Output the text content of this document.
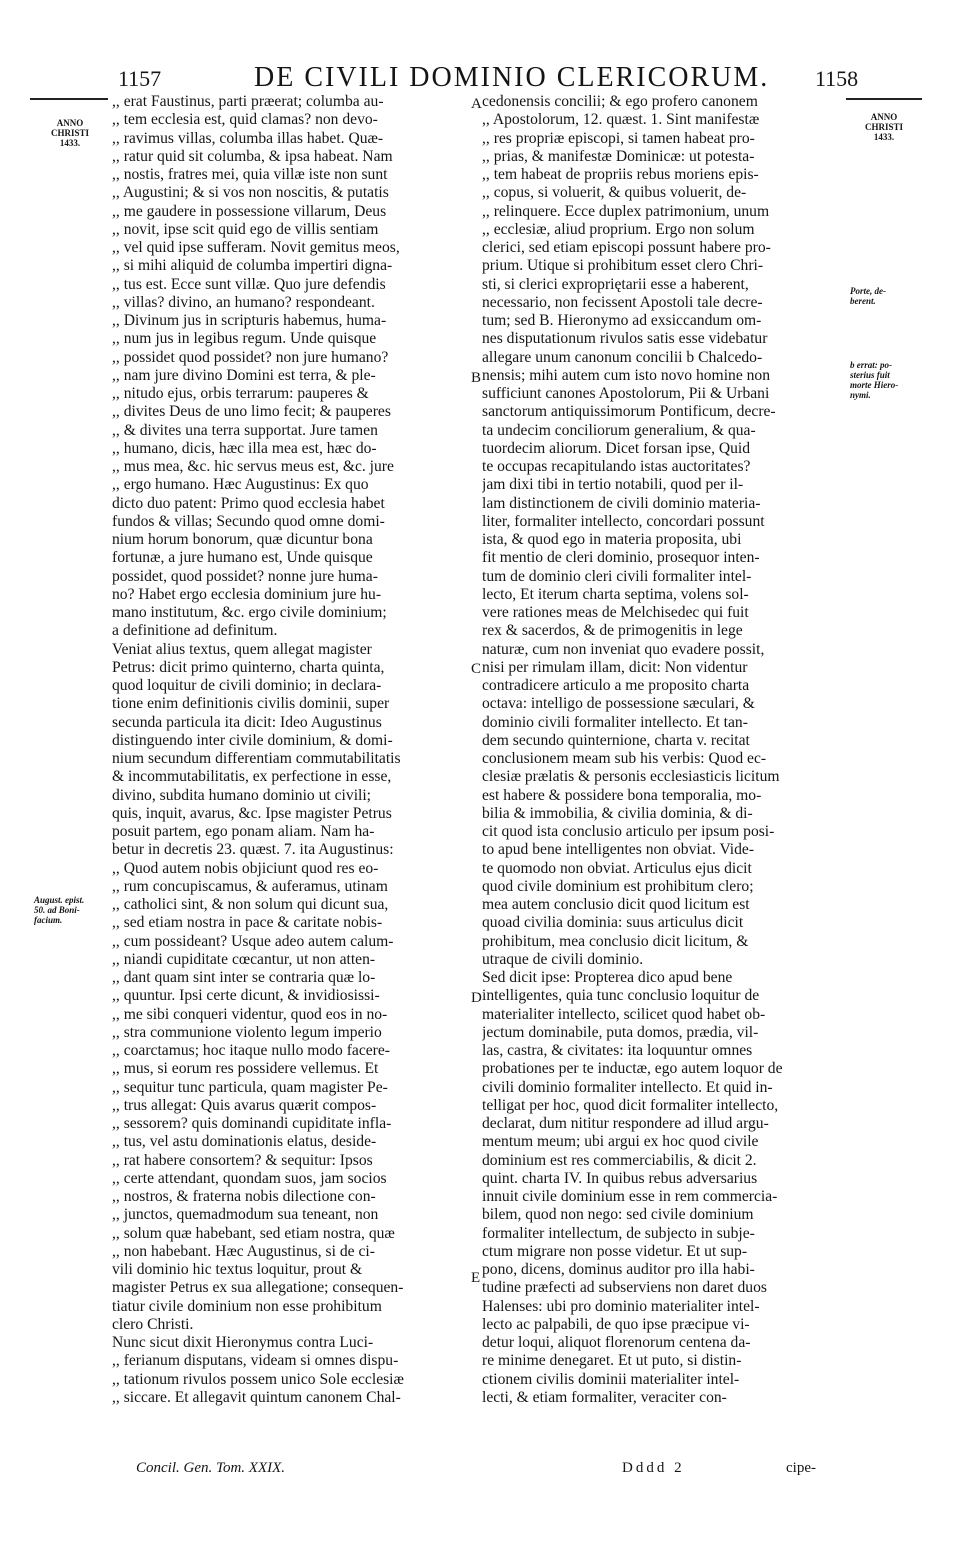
1157	DE CIVILI DOMINIO CLERICORUM. 1158
ANNO
CHRISTI
1433.
ANNO
CHRISTI
1433.
August. epist.
50. ad Boni-
facium.
Porte, de-
berent.
b errat: po-
sterius fuit
morte Hiero-
nymi.
A
B
C
D
E
,, erat Faustinus, parti præerat; columba au-
,, tem ecclesia est, quid clamas? non devo-
,, ravimus villas, columba illas habet. Quæ-
,, ratur quid sit columba, & ipsa habeat. Nam
,, nostis, fratres mei, quia villæ iste non sunt
,, Augustini; & si vos non noscitis, & putatis
,, me gaudere in possessione villarum, Deus
,, novit, ipse scit quid ego de villis sentiam
,, vel quid ipse sufferam. Novit gemitus meos,
,, si mihi aliquid de columba impertiri digna-
,, tus est. Ecce sunt villæ. Quo jure defendis
,, villas? divino, an humano? respondeant.
,, Divinum jus in scripturis habemus, huma-
,, num jus in legibus regum. Unde quisque
,, possidet quod possidet? non jure humano?
,, nam jure divino Domini est terra, & ple-
,, nitudo ejus, orbis terrarum: pauperes &
,, divites Deus de uno limo fecit; & pauperes
,, & divites una terra supportat. Jure tamen
,, humano, dicis, hæc illa mea est, hæc do-
,, mus mea, &c. hic servus meus est, &c. jure
,, ergo humano. Hæc Augustinus: Ex quo
dicto duo patent: Primo quod ecclesia habet
fundos & villas; Secundo quod omne domi-
nium horum bonorum, quæ dicuntur bona
fortunæ, a jure humano est, Unde quisque
possidet, quod possidet? nonne jure huma-
no? Habet ergo ecclesia dominium jure hu-
mano institutum, &c. ergo civile dominium;
a definitione ad definitum.
Veniat alius textus, quem allegat magister
Petrus: dicit primo quinterno, charta quinta,
quod loquitur de civili dominio; in declara-
tione enim definitionis civilis dominii, super
secunda particula ita dicit: Ideo Augustinus
distinguendo inter civile dominium, & domi-
nium secundum differentiam commutabilitatis
& incommutabilitatis, ex perfectione in esse,
divino, subdita humano dominio ut civili;
quis, inquit, avarus, &c. Ipse magister Petrus
posuit partem, ego ponam aliam. Nam ha-
betur in decretis 23. quæst. 7. ita Augustinus:
,, Quod autem nobis objiciunt quod res eo-
,, rum concupiscamus, & auferamus, utinam
,, catholici sint, & non solum qui dicunt sua,
,, sed etiam nostra in pace & caritate nobis-
,, cum possideant? Usque adeo autem calum-
,, niandi cupiditate cœcantur, ut non atten-
,, dant quam sint inter se contraria quæ lo-
,, quuntur. Ipsi certe dicunt, & invidiosissi-
,, me sibi conqueri videntur, quod eos in no-
,, stra communione violento legum imperio
,, coarctamus; hoc itaque nullo modo facere-
,, mus, si eorum res possidere vellemus. Et
,, sequitur tunc particula, quam magister Pe-
,, trus allegat: Quis avarus quærit compos-
,, sessorem? quis dominandi cupiditate infla-
,, tus, vel astu dominationis elatus, deside-
,, rat habere consortem? & sequitur: Ipsos
,, certe attendant, quondam suos, jam socios
,, nostros, & fraterna nobis dilectione con-
,, junctos, quemadmodum sua teneant, non
,, solum quæ habebant, sed etiam nostra, quæ
,, non habebant. Hæc Augustinus, si de ci-
vili dominio hic textus loquitur, prout &
magister Petrus ex sua allegatione; consequen-
tiatur civile dominium non esse prohibitum
clero Christi.
Nunc sicut dixit Hieronymus contra Luci-
,, ferianum disputans, videam si omnes dispu-
,, tationum rivulos possem unico Sole ecclesiæ
,, siccare. Et allegavit quintum canonem Chal-
cedonensis concilii; & ego profero canonem
,, Apostolorum, 12. quæst. 1. Sint manifestæ
,, res propriæ episcopi, si tamen habeat pro-
,, prias, & manifestæ Dominicæ: ut potesta-
,, tem habeat de propriis rebus moriens epis-
,, copus, si voluerit, & quibus voluerit, de-
,, relinquere. Ecce duplex patrimonium, unum
,, ecclesiæ, aliud proprium. Ergo non solum
clerici, sed etiam episcopi possunt habere pro-
prium. Utique si prohibitum esset clero Chri-
sti, si clerici expropriętarii esse a haberent,
necessario, non fecissent Apostoli tale decre-
tum; sed B. Hieronymo ad exsiccandum om-
nes disputationum rivulos satis esse videbatur
allegare unum canonum concilii b Chalcedo-
nensis; mihi autem cum isto novo homine non
sufficiunt canones Apostolorum, Pii & Urbani
sanctorum antiquissimorum Pontificum, decre-
ta undecim conciliorum generalium, & qua-
tuordecim aliorum. Dicet forsan ipse, Quid
te occupas recapitulando istas auctoritates?
jam dixi tibi in tertio notabili, quod per il-
lam distinctionem de civili dominio materia-
liter, formaliter intellecto, concordari possunt
ista, & quod ego in materia proposita, ubi
fit mentio de cleri dominio, prosequor inten-
tum de dominio cleri civili formaliter intel-
lecto, Et iterum charta septima, volens sol-
vere rationes meas de Melchisedec qui fuit
rex & sacerdos, & de primogenitis in lege
naturæ, cum non inveniat quo evadere possit,
nisi per rimulam illam, dicit: Non videntur
contradicere articulo a me proposito charta
octava: intelligo de possessione sæculari, &
dominio civili formaliter intellecto. Et tan-
dem secundo quinternione, charta v. recitat
conclusionem meam sub his verbis: Quod ec-
clesiæ prælatis & personis ecclesiasticis licitum
est habere & possidere bona temporalia, mo-
bilia & immobilia, & civilia dominia, & di-
cit quod ista conclusio articulo per ipsum posi-
to apud bene intelligentes non obviat. Vide-
te quomodo non obviat. Articulus ejus dicit
quod civile dominium est prohibitum clero;
mea autem conclusio dicit quod licitum est
quoad civilia dominia: suus articulus dicit
prohibitum, mea conclusio dicit licitum, &
utraque de civili dominio.
Sed dicit ipse: Propterea dico apud bene
intelligentes, quia tunc conclusio loquitur de
materialiter intellecto, scilicet quod habet ob-
jectum dominabile, puta domos, prædia, vil-
las, castra, & civitates: ita loquuntur omnes
probationes per te inductæ, ego autem loquor de
civili dominio formaliter intellecto. Et quid in-
telligat per hoc, quod dicit formaliter intellecto,
declarat, dum nititur respondere ad illud argu-
mentum meum; ubi argui ex hoc quod civile
dominium est res commerciabilis, & dicit 2.
quint. charta IV. In quibus rebus adversarius
innuit civile dominium esse in rem commercia-
bilem, quod non nego: sed civile dominium
formaliter intellectum, de subjecto in subje-
ctum migrare non posse videtur. Et ut sup-
pono, dicens, dominus auditor pro illa habi-
tudine præfecti ad subserviens non daret duos
Halenses: ubi pro dominio materialiter intel-
lecto ac palpabili, de quo ipse præcipue vi-
detur loqui, aliquot florenorum centena da-
re minime denegaret. Et ut puto, si distin-
ctionem civilis dominii materialiter intel-
lecti, & etiam formaliter, veraciter con-
Concil. Gen. Tom. XXIX.	Dddd 2	cipe-
